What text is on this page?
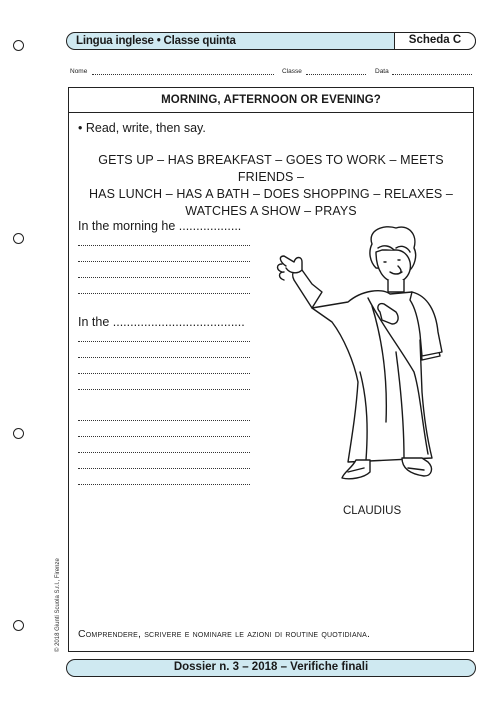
Lingua inglese • Classe quinta	Scheda C
Nome	Classe	Data
MORNING, AFTERNOON OR EVENING?
• Read, write, then say.
GETS UP – HAS BREAKFAST – GOES TO WORK – MEETS FRIENDS –
HAS LUNCH – HAS A BATH – DOES SHOPPING – RELAXES –
WATCHES A SHOW – PRAYS
In the morning he ..................
In the ......................................
CLAUDIUS
Comprendere, scrivere e nominare le azioni di routine quotidiana.
© 2018 Giunti Scuola S.r.l., Firenze
Dossier n. 3 – 2018 – Verifiche finali
